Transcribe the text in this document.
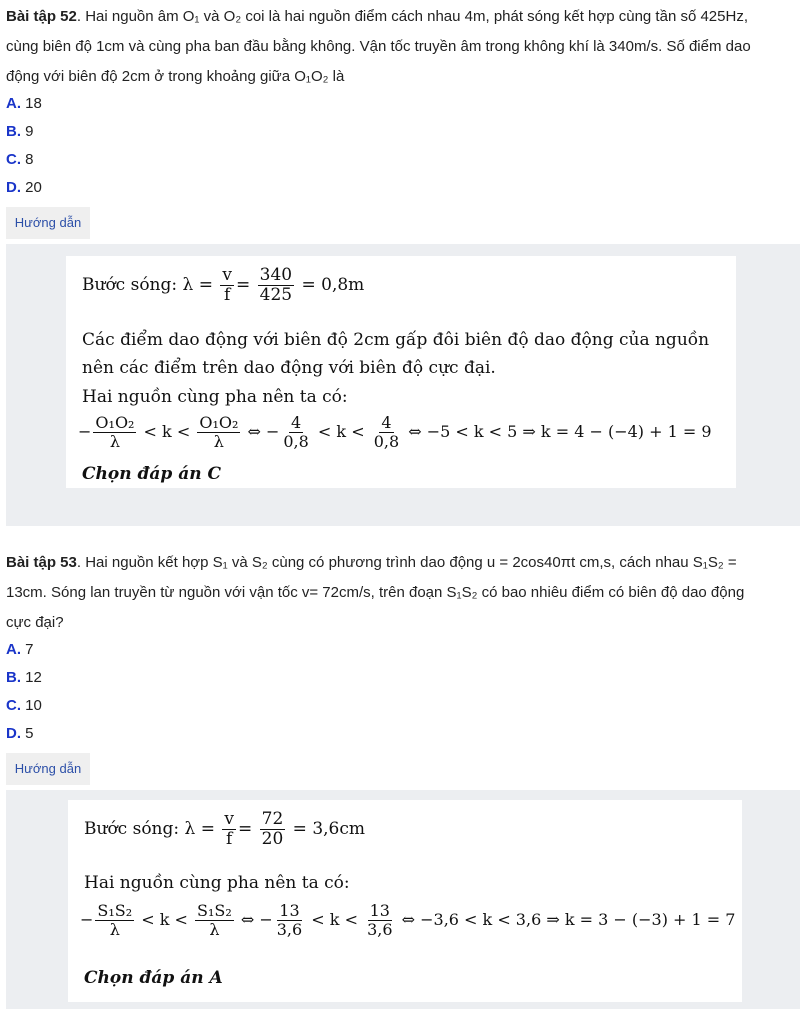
Bài tập 52. Hai nguồn âm O₁ và O₂ coi là hai nguồn điểm cách nhau 4m, phát sóng kết hợp cùng tần số 425Hz,
cùng biên độ 1cm và cùng pha ban đầu bằng không. Vận tốc truyền âm trong không khí là 340m/s. Số điểm dao
động với biên độ 2cm ở trong khoảng giữa O₁O₂ là
A. 18
B. 9
C. 8
D. 20
Hướng dẫn
Bước sóng: $\lambda = \frac{v}{f} = \frac{340}{425} = 0,8m$
Các điểm dao động với biên độ 2cm gấp đôi biên độ dao động của nguồn
nên các điểm trên dao động với biên độ cực đại.
Hai nguồn cùng pha nên ta có:
− $\frac{\text{O₁O₂}}{\lambda} < k < \frac{\text{O₁O₂}}{\lambda}$ ⇔ − $\frac{4}{0,8} < k < \frac{4}{0,8}$ ⇔ −5 < k < 5 ⇒ k = 4 − (−4) + 1 = 9
Chọn đáp án C
Bài tập 53. Hai nguồn kết hợp S₁ và S₂ cùng có phương trình dao động u = 2cos40πt cm,s, cách nhau S₁S₂ =
13cm. Sóng lan truyền từ nguồn với vận tốc v= 72cm/s, trên đoạn S₁S₂ có bao nhiêu điểm có biên độ dao động
cực đại?
A. 7
B. 12
C. 10
D. 5
Hướng dẫn
Bước sóng: $\lambda = \frac{v}{f} = \frac{72}{20} = 3,6cm$
Hai nguồn cùng pha nên ta có:
− $\frac{\text{S₁S₂}}{\lambda} < k < \frac{\text{S₁S₂}}{\lambda}$ ⇔ − $\frac{13}{3,6} < k < \frac{13}{3,6}$ ⇔ −3,6 < k < 3,6 ⇒ k = 3 − (−3) + 1 = 7
Chọn đáp án A
